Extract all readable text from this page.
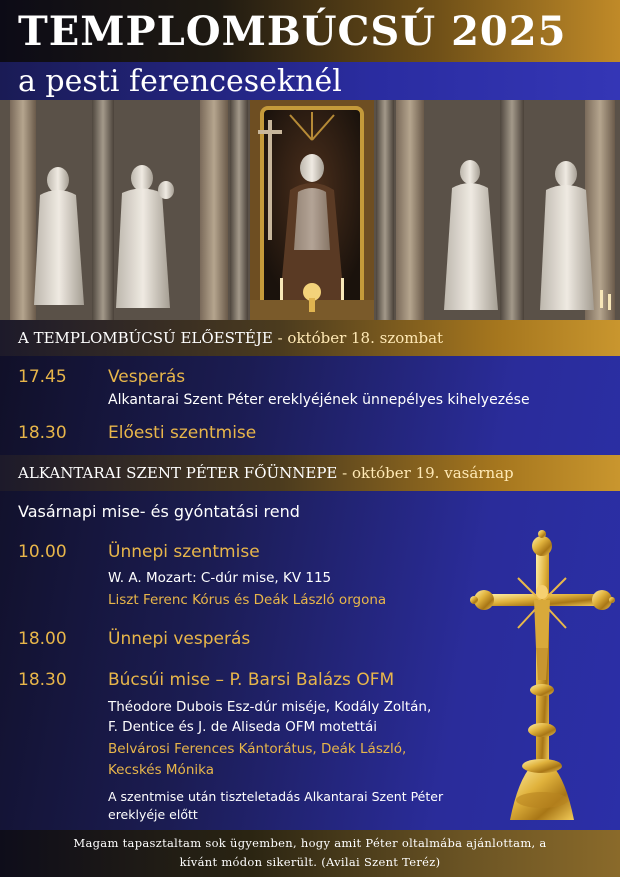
TEMPLOMBÚCSÚ 2025
a pesti ferenceseknél
A TEMPLOMBÚCSÚ ELŐESTÉJE - október 18. szombat
17.45 Vesperás
Alkantarai Szent Péter ereklyéjének ünnepélyes kihelyezése
18.30 Előesti szentmise
ALKANTARAI SZENT PÉTER FŐÜNNEPE - október 19. vasárnap
Vasárnapi mise- és gyóntatási rend
10.00 Ünnepi szentmise
W. A. Mozart: C-dúr mise, KV 115
Liszt Ferenc Kórus és Deák László orgona
18.00 Ünnepi vesperás
18.30 Búcsúi mise – P. Barsi Balázs OFM
Théodore Dubois Esz-dúr miséje, Kodály Zoltán,
F. Dentice és J. de Aliseda OFM motettái
Belvárosi Ferences Kántorátus, Deák László,
Kecskés Mónika
A szentmise után tiszteletadás Alkantarai Szent Péter
ereklyéje előtt
Magam tapasztaltam sok ügyemben, hogy amit Péter oltalmába ajánlottam, a
kívánt módon sikerült. (Avilai Szent Teréz)
